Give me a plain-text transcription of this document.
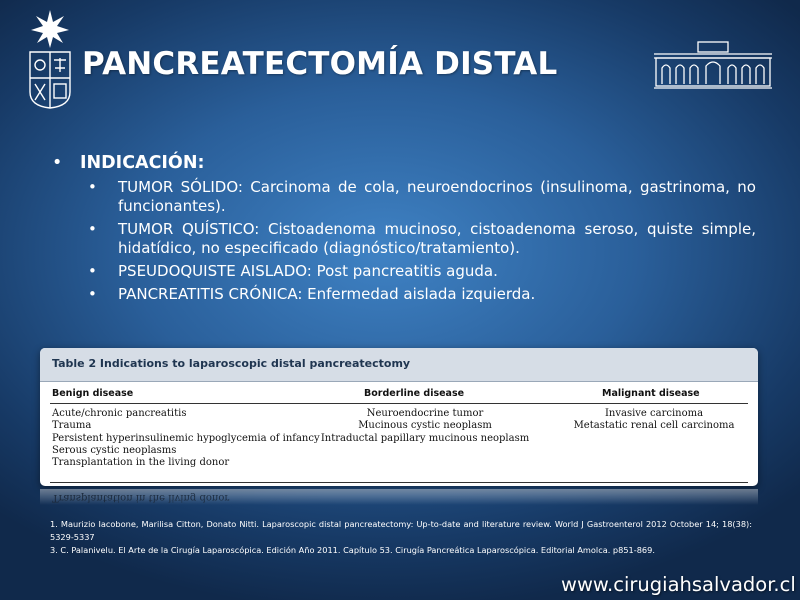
PANCREATECTOMÍA DISTAL
• INDICACIÓN:
• TUMOR SÓLIDO: Carcinoma de cola, neuroendocrinos (insulinoma, gastrinoma, no funcionantes).
• TUMOR QUÍSTICO: Cistoadenoma mucinoso, cistoadenoma seroso, quiste simple, hidatídico, no especificado (diagnóstico/tratamiento).
• PSEUDOQUISTE AISLADO: Post pancreatitis aguda.
• PANCREATITIS CRÓNICA: Enfermedad aislada izquierda.
Table 2 Indications to laparoscopic distal pancreatectomy
Benign disease	Borderline disease	Malignant disease
Acute/chronic pancreatitis
Trauma
Persistent hyperinsulinemic hypoglycemia of infancy
Serous cystic neoplasms
Transplantation in the living donor
Neuroendocrine tumor
Mucinous cystic neoplasm
Intraductal papillary mucinous neoplasm
Invasive carcinoma
Metastatic renal cell carcinoma
Transplantation in the living donor
1. Maurizio Iacobone, Marilisa Citton, Donato Nitti. Laparoscopic distal pancreatectomy: Up-to-date and literature review. World J Gastroenterol 2012 October 14; 18(38): 5329-5337
3. C. Palanivelu. El Arte de la Cirugía Laparoscópica. Edición Año 2011. Capítulo 53. Cirugía Pancreática Laparoscópica. Editorial Amolca. p851-869.
www.cirugiahsalvador.cl
